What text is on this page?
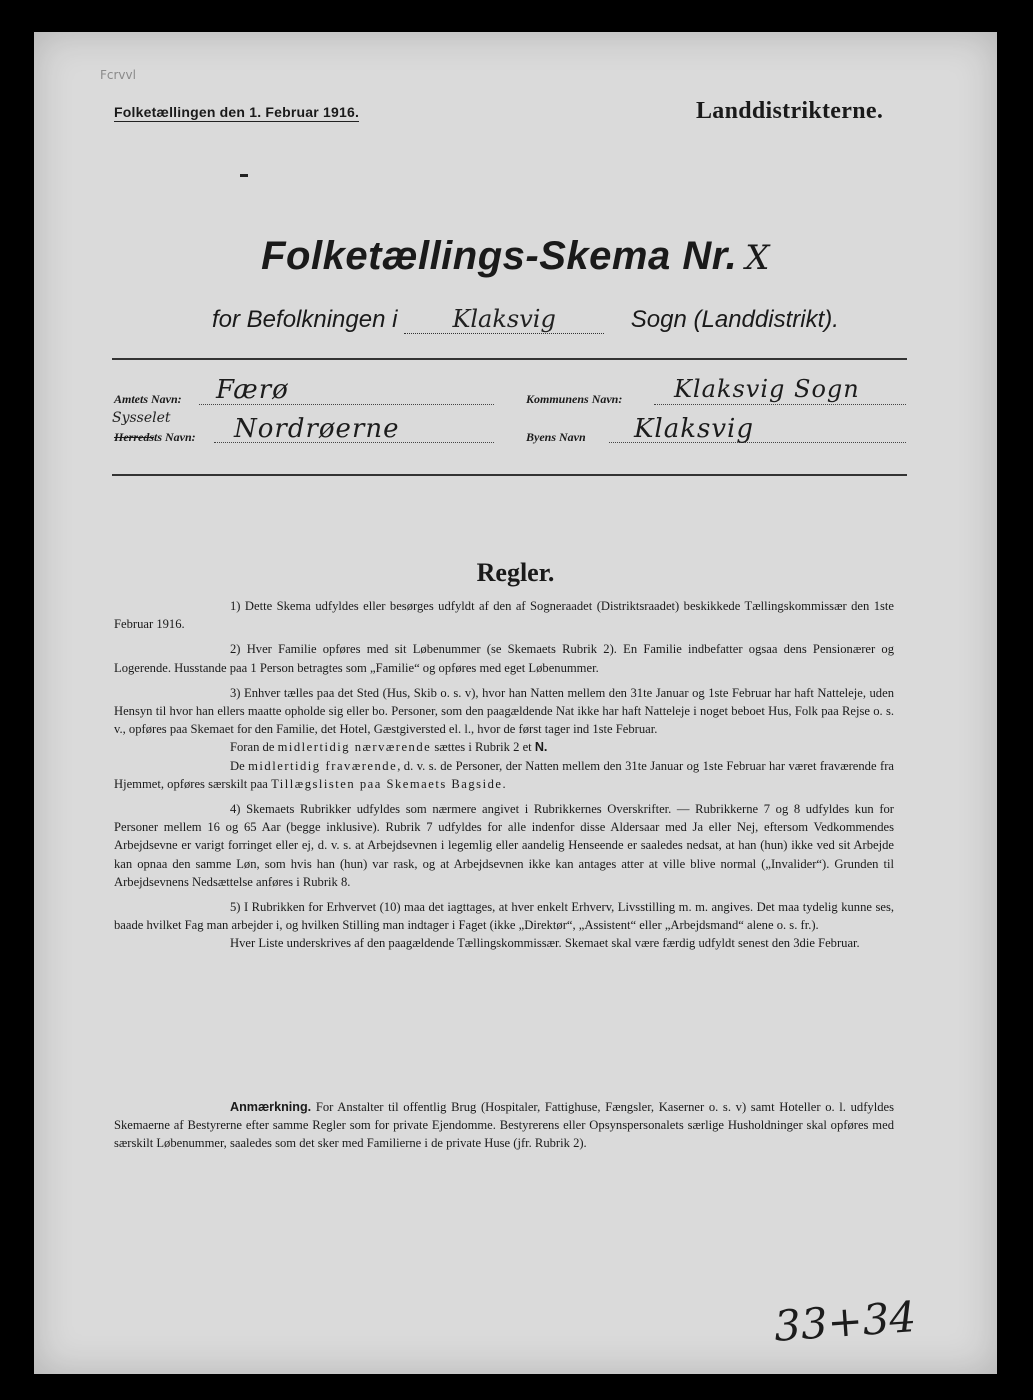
Fcrvvl
Folketællingen den 1. Februar 1916.	Landdistrikterne.
Folketællings-Skema Nr. X
for Befolkningen i Klaksvig	Sogn (Landdistrikt).
Amtets Navn: Færø	Kommunens Navn: Klaksvig Sogn
Sysselet
Herredsts Navn: Nordrøerne	Byens Navn Klaksvig
Regler.

1) Dette Skema udfyldes eller besørges udfyldt af den af Sogneraadet (Distriktsraadet) beskikkede Tællingskommissær den 1ste Februar 1916.

2) Hver Familie opføres med sit Løbenummer (se Skemaets Rubrik 2). En Familie indbefatter ogsaa dens Pensionærer og Logerende. Husstande paa 1 Person betragtes som „Familie“ og opføres med eget Løbenummer.

3) Enhver tælles paa det Sted (Hus, Skib o. s. v), hvor han Natten mellem den 31te Januar og 1ste Februar har haft Natteleje, uden Hensyn til hvor han ellers maatte opholde sig eller bo. Personer, som den paagældende Nat ikke har haft Natteleje i noget beboet Hus, Folk paa Rejse o. s. v., opføres paa Skemaet for den Familie, det Hotel, Gæstgiversted el. l., hvor de først tager ind 1ste Februar.

Foran de midlertidig nærværende sættes i Rubrik 2 et N.

De midlertidig fraværende, d. v. s. de Personer, der Natten mellem den 31te Januar og 1ste Februar har været fraværende fra Hjemmet, opføres særskilt paa Tillægslisten paa Skemaets Bagside.

4) Skemaets Rubrikker udfyldes som nærmere angivet i Rubrikkernes Overskrifter. — Rubrikkerne 7 og 8 udfyldes kun for Personer mellem 16 og 65 Aar (begge inklusive). Rubrik 7 udfyldes for alle indenfor disse Aldersaar med Ja eller Nej, eftersom Vedkommendes Arbejdsevne er varigt forringet eller ej, d. v. s. at Arbejdsevnen i legemlig eller aandelig Henseende er saaledes nedsat, at han (hun) ikke ved sit Arbejde kan opnaa den samme Løn, som hvis han (hun) var rask, og at Arbejdsevnen ikke kan antages atter at ville blive normal („Invalider“). Grunden til Arbejdsevnens Nedsættelse anføres i Rubrik 8.

5) I Rubrikken for Erhvervet (10) maa det iagttages, at hver enkelt Erhverv, Livsstilling m. m. angives. Det maa tydelig kunne ses, baade hvilket Fag man arbejder i, og hvilken Stilling man indtager i Faget (ikke „Direktør“, „Assistent“ eller „Arbejdsmand“ alene o. s. fr.).

Hver Liste underskrives af den paagældende Tællingskommissær. Skemaet skal være færdig udfyldt senest den 3die Februar.

Anmærkning. For Anstalter til offentlig Brug (Hospitaler, Fattighuse, Fængsler, Kaserner o. s. v) samt Hoteller o. l. udfyldes Skemaerne af Bestyrerne efter samme Regler som for private Ejendomme. Bestyrerens eller Opsynspersonalets særlige Husholdninger skal opføres med særskilt Løbenummer, saaledes som det sker med Familierne i de private Huse (jfr. Rubrik 2).
33+34
